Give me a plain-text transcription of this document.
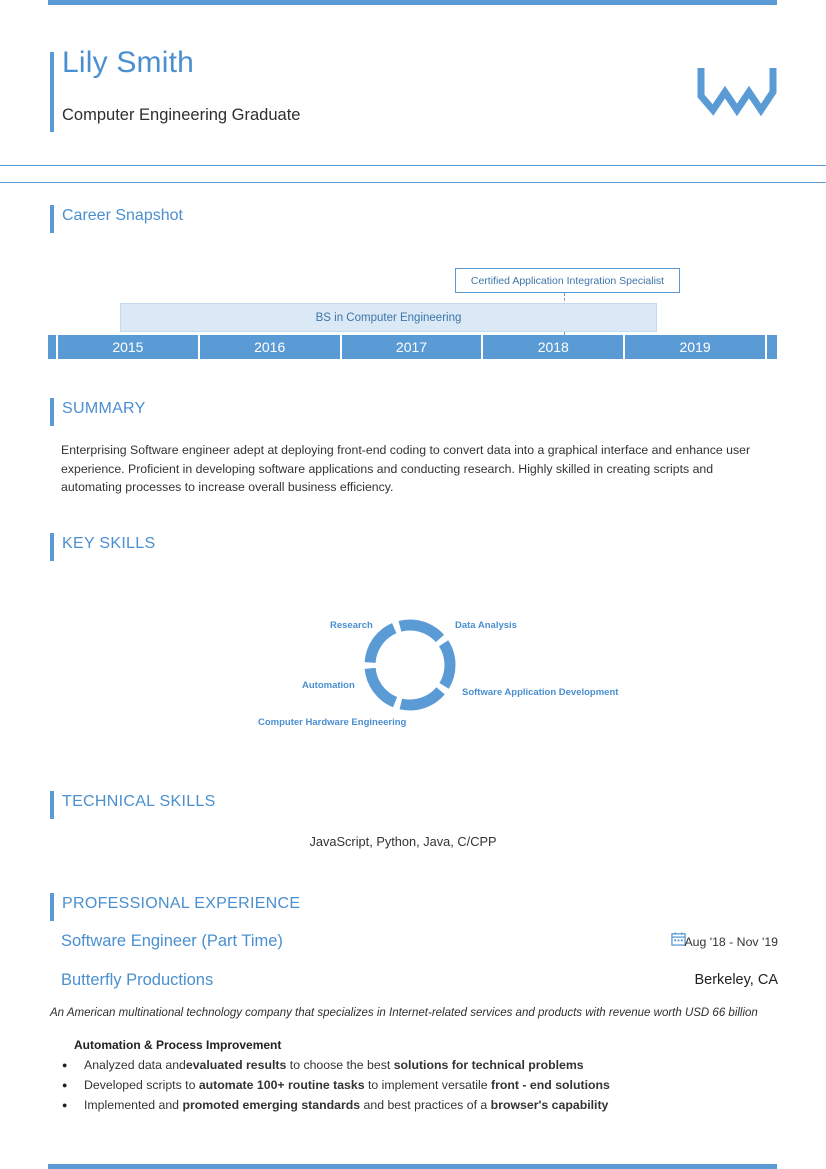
Lily Smith
Computer Engineering Graduate
Career Snapshot
Certified Application Integration Specialist
BS in Computer Engineering
2015	2016	2017	2018	2019
SUMMARY
Enterprising Software engineer adept at deploying front-end coding to convert data into a graphical interface and enhance user experience. Proficient in developing software applications and conducting research. Highly skilled in creating scripts and automating processes to increase overall business efficiency.
KEY SKILLS
Research	Data Analysis
Software Application Development
Computer Hardware Engineering
Automation
TECHNICAL SKILLS
JavaScript, Python, Java, C/CPP
PROFESSIONAL EXPERIENCE
Software Engineer (Part Time)	Aug '18 - Nov '19
Butterfly Productions	Berkeley, CA
An American multinational technology company that specializes in Internet-related services and products with revenue worth USD 66 billion
Automation & Process Improvement
● Analyzed data andevaluated results to choose the best solutions for technical problems
● Developed scripts to automate 100+ routine tasks to implement versatile front - end solutions
● Implemented and promoted emerging standards and best practices of a browser's capability
